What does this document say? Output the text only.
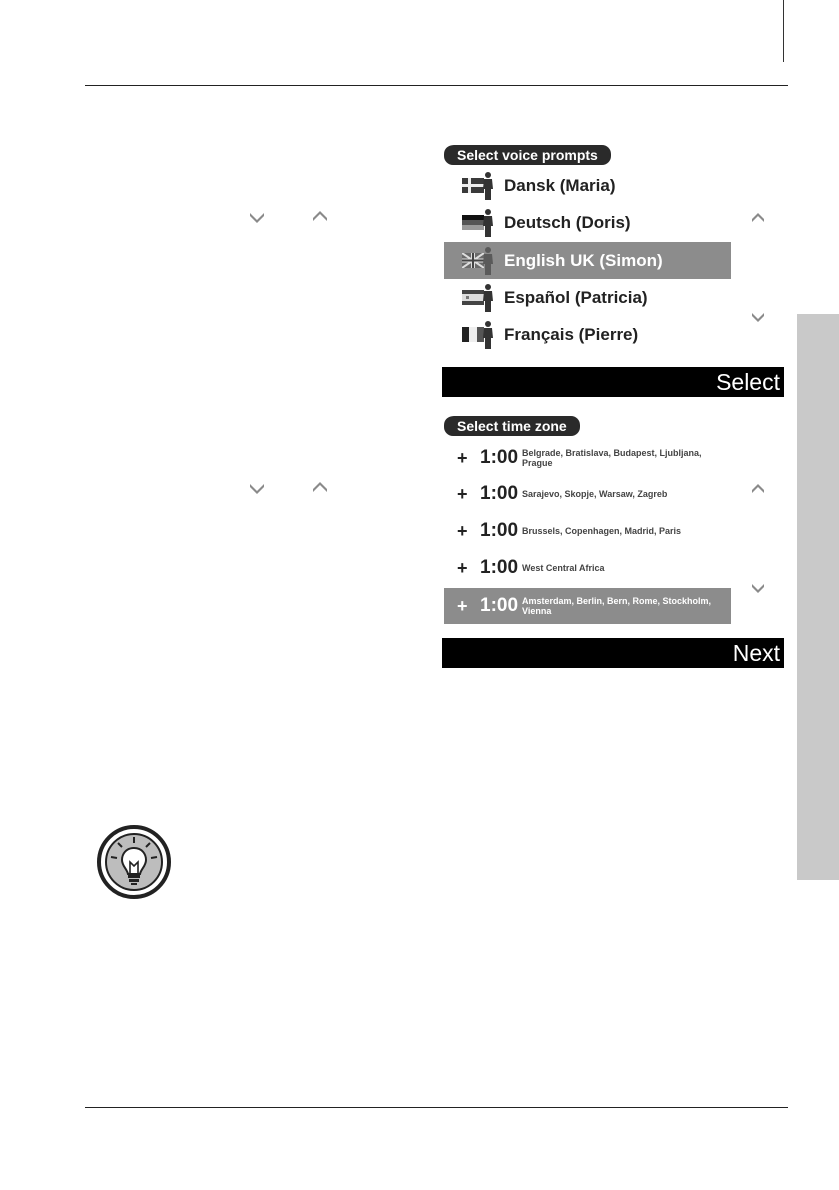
Select voice prompts
Dansk (Maria)
Deutsch (Doris)
English UK (Simon)
Español (Patricia)
Français (Pierre)
Select
Select time zone
+ 1:00 Belgrade, Bratislava, Budapest, Ljubljana, Prague
+ 1:00 Sarajevo, Skopje, Warsaw, Zagreb
+ 1:00 Brussels, Copenhagen, Madrid, Paris
+ 1:00 West Central Africa
+ 1:00 Amsterdam, Berlin, Bern, Rome, Stockholm, Vienna
Next
